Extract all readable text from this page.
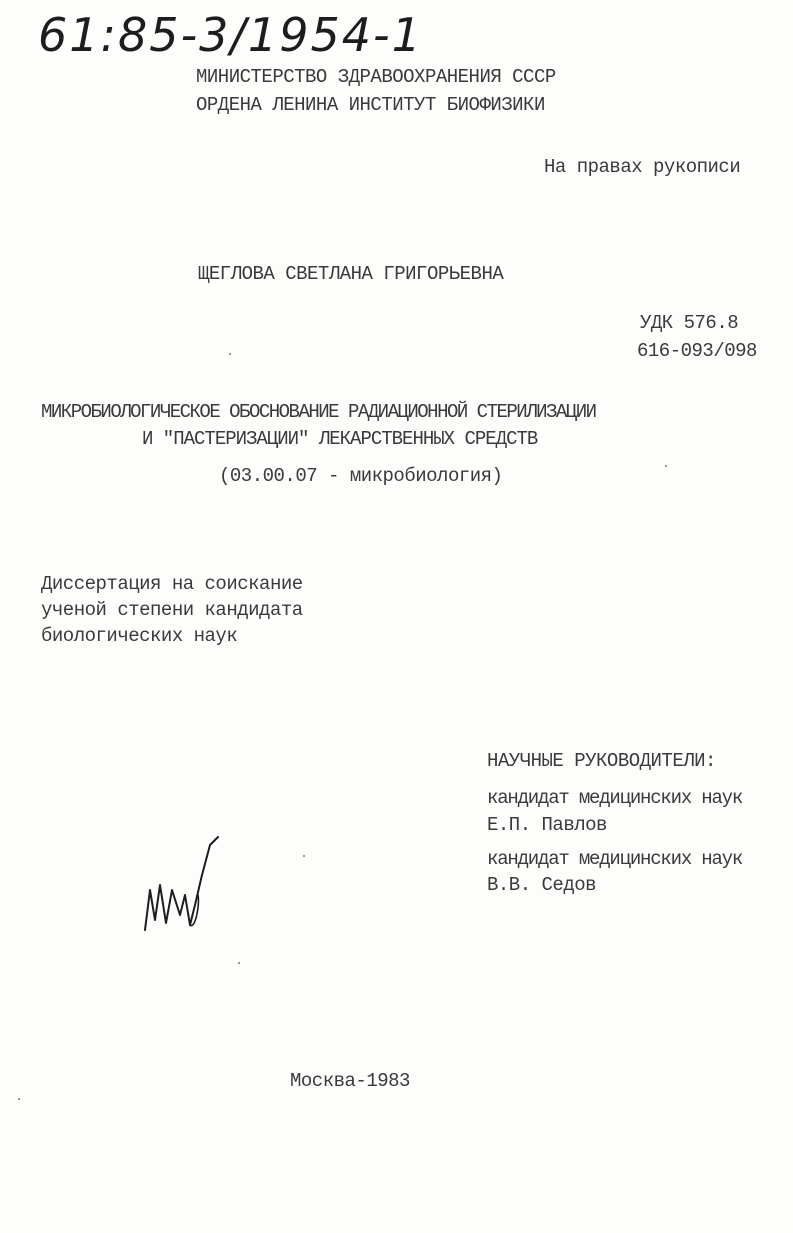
61:85-3/1954-1
МИНИСТЕРСТВО ЗДРАВООХРАНЕНИЯ СССР
ОРДЕНА ЛЕНИНА ИНСТИТУТ БИОФИЗИКИ
На правах рукописи
ЩЕГЛОВА СВЕТЛАНА ГРИГОРЬЕВНА
УДК 576.8
616-093/098
МИКРОБИОЛОГИЧЕСКОЕ ОБОСНОВАНИЕ РАДИАЦИОННОЙ СТЕРИЛИЗАЦИИ
И "ПАСТЕРИЗАЦИИ" ЛЕКАРСТВЕННЫХ СРЕДСТВ
(03.00.07 - микробиология)
Диссертация на соискание
ученой степени кандидата
биологических наук
НАУЧНЫЕ РУКОВОДИТЕЛИ:
кандидат медицинских наук
Е.П. Павлов
кандидат медицинских наук
В.В. Седов
Москва-1983
